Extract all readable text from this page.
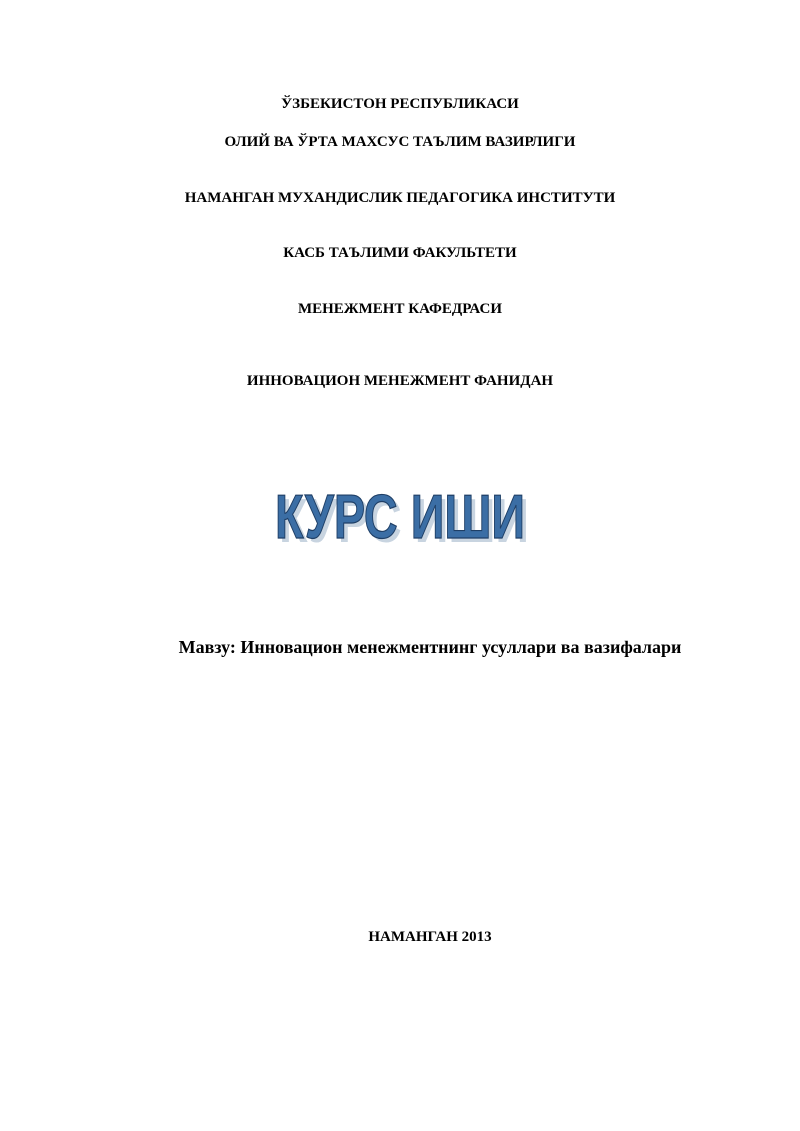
ЎЗБЕКИСТОН РЕСПУБЛИКАСИ
ОЛИЙ ВА ЎРТА МАХСУС ТАЪЛИМ ВАЗИРЛИГИ
НАМАНГАН МУХАНДИСЛИК ПЕДАГОГИКА ИНСТИТУТИ
КАСБ ТАЪЛИМИ ФАКУЛЬТЕТИ
МЕНЕЖМЕНТ КАФЕДРАСИ
ИННОВАЦИОН МЕНЕЖМЕНТ ФАНИДАН
КУРС ИШИ
КУРС ИШИ
Мавзу: Инновацион менежментнинг усуллари ва вазифалари
НАМАНГАН 2013
